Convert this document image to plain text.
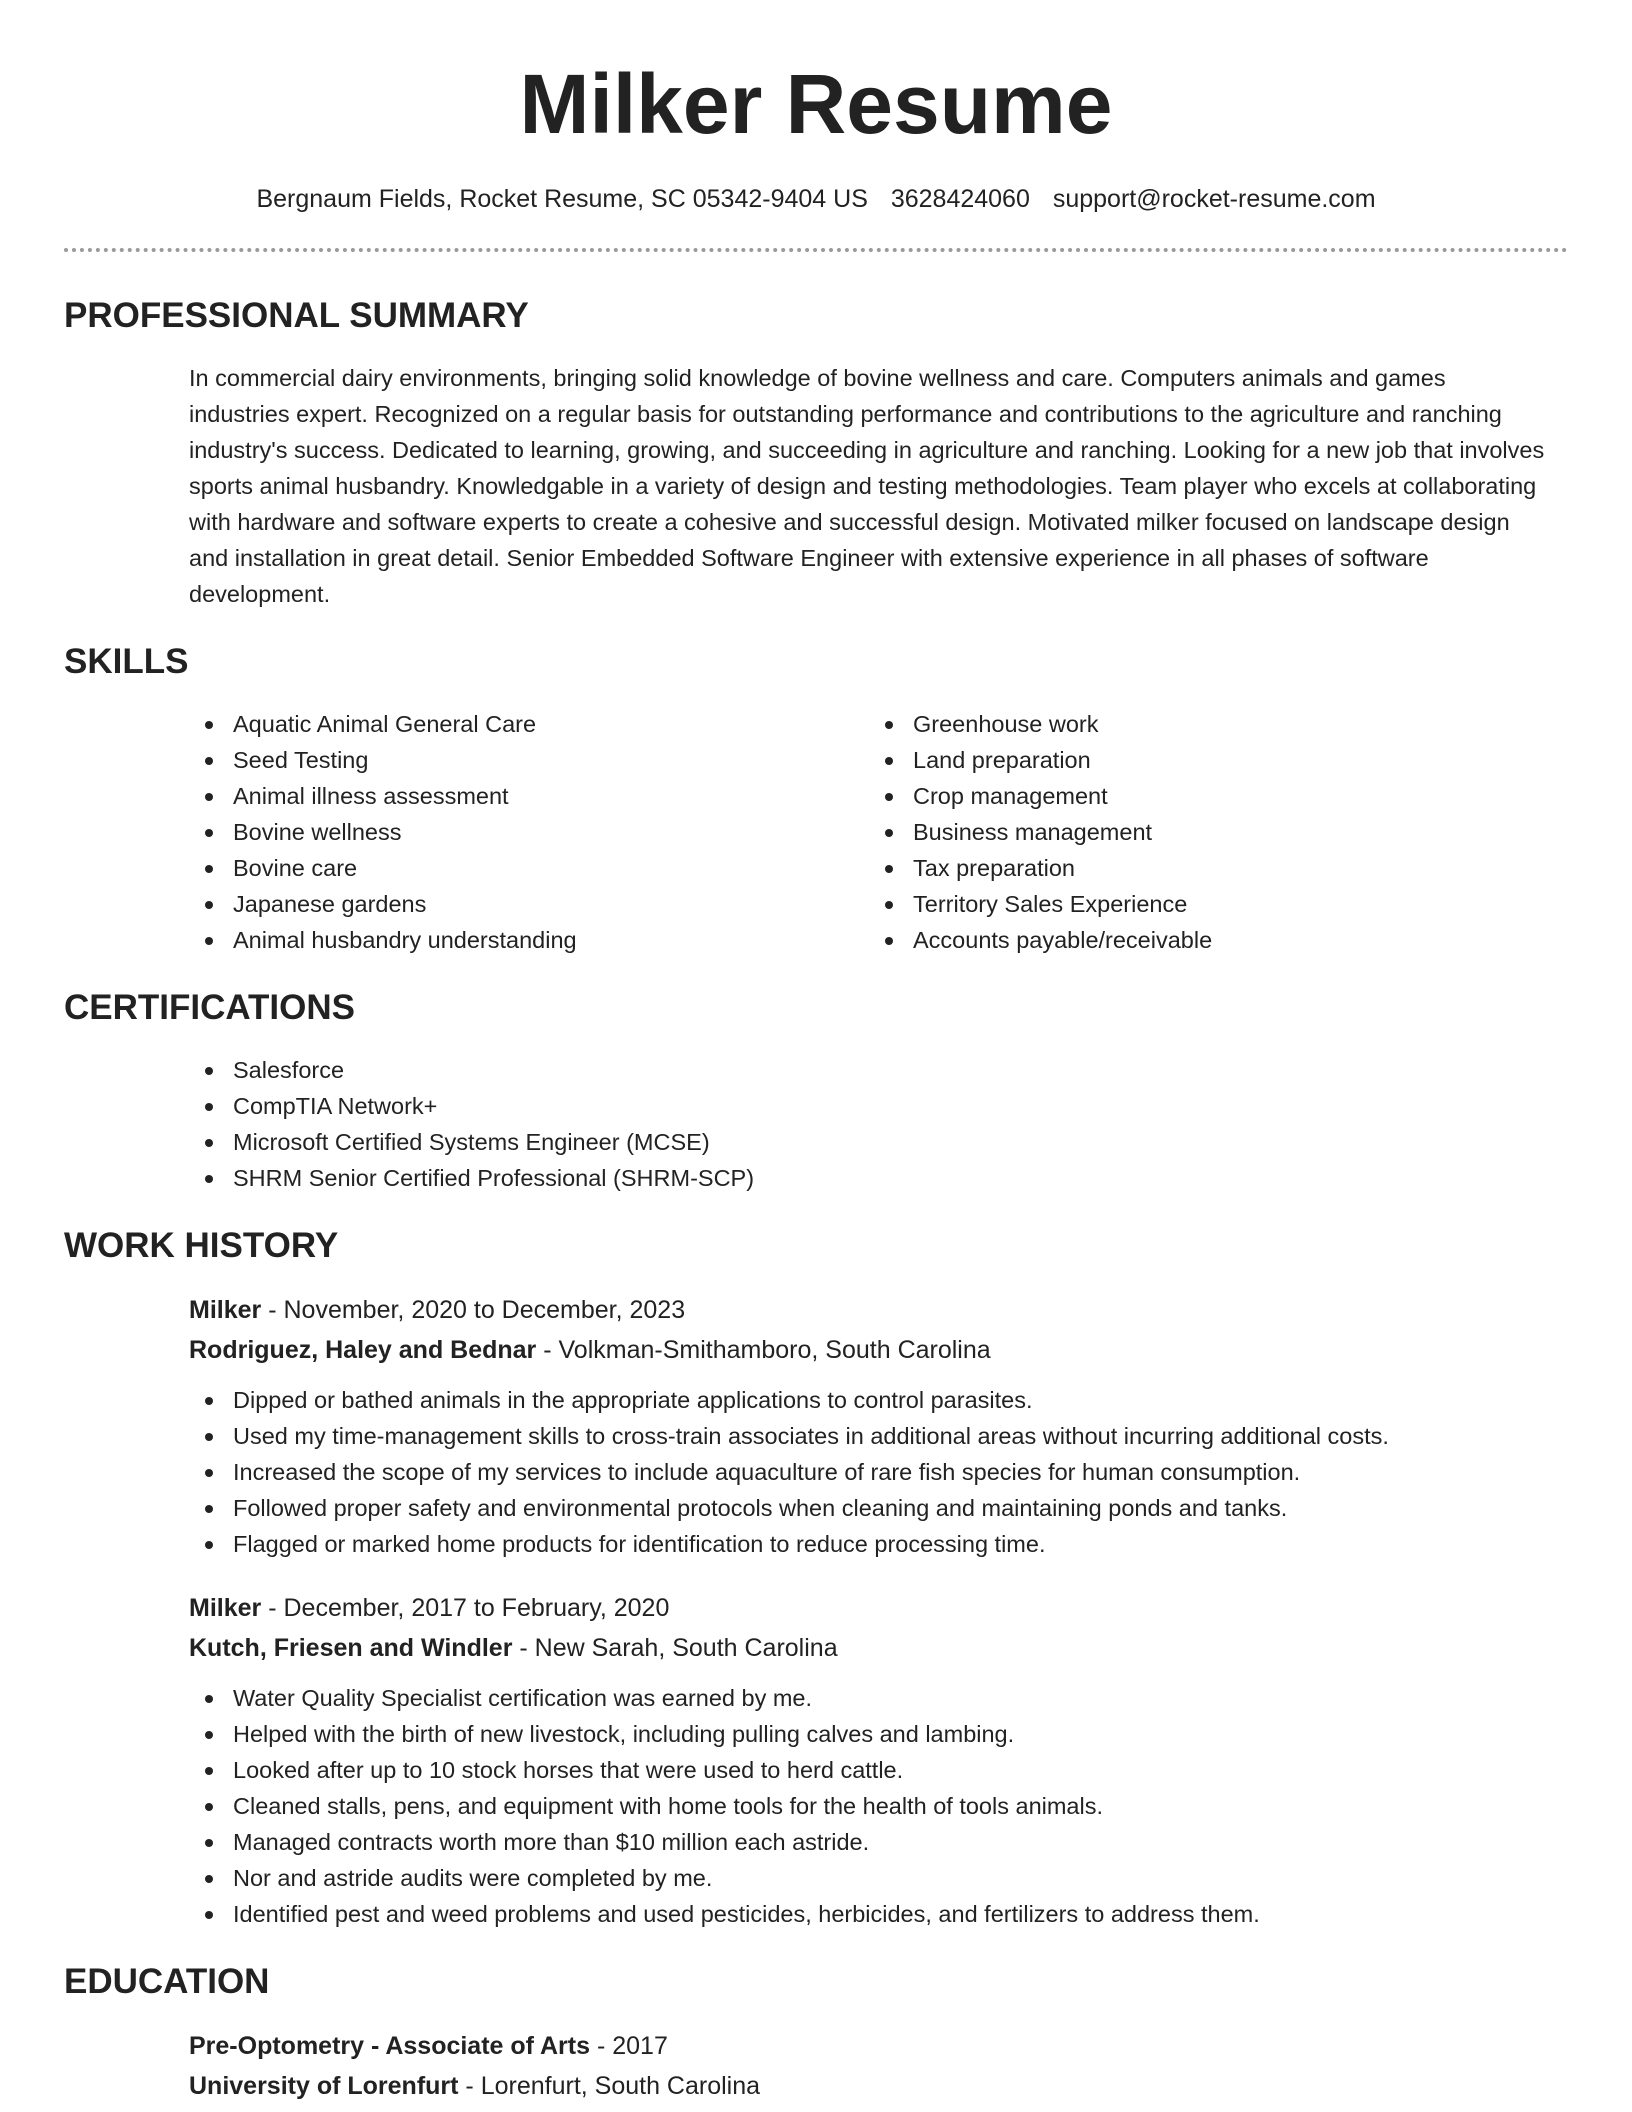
Milker Resume
Bergnaum Fields, Rocket Resume, SC 05342-9404 US 3628424060 support@rocket-resume.com
PROFESSIONAL SUMMARY

In commercial dairy environments, bringing solid knowledge of bovine wellness and care. Computers animals and games industries expert. Recognized on a regular basis for outstanding performance and contributions to the agriculture and ranching industry's success. Dedicated to learning, growing, and succeeding in agriculture and ranching. Looking for a new job that involves sports animal husbandry. Knowledgable in a variety of design and testing methodologies. Team player who excels at collaborating with hardware and software experts to create a cohesive and successful design. Motivated milker focused on landscape design and installation in great detail. Senior Embedded Software Engineer with extensive experience in all phases of software development.

SKILLS
Aquatic Animal General Care
Seed Testing
Animal illness assessment
Bovine wellness
Bovine care
Japanese gardens
Animal husbandry understanding
Greenhouse work
Land preparation
Crop management
Business management
Tax preparation
Territory Sales Experience
Accounts payable/receivable
CERTIFICATIONS
Salesforce
CompTIA Network+
Microsoft Certified Systems Engineer (MCSE)
SHRM Senior Certified Professional (SHRM-SCP)
WORK HISTORY
Milker - November, 2020 to December, 2023
Rodriguez, Haley and Bednar - Volkman-Smithamboro, South Carolina
Dipped or bathed animals in the appropriate applications to control parasites.
Used my time-management skills to cross-train associates in additional areas without incurring additional costs.
Increased the scope of my services to include aquaculture of rare fish species for human consumption.
Followed proper safety and environmental protocols when cleaning and maintaining ponds and tanks.
Flagged or marked home products for identification to reduce processing time.
Milker - December, 2017 to February, 2020
Kutch, Friesen and Windler - New Sarah, South Carolina
Water Quality Specialist certification was earned by me.
Helped with the birth of new livestock, including pulling calves and lambing.
Looked after up to 10 stock horses that were used to herd cattle.
Cleaned stalls, pens, and equipment with home tools for the health of tools animals.
Managed contracts worth more than $10 million each astride.
Nor and astride audits were completed by me.
Identified pest and weed problems and used pesticides, herbicides, and fertilizers to address them.
EDUCATION
Pre-Optometry - Associate of Arts - 2017
University of Lorenfurt - Lorenfurt, South Carolina
